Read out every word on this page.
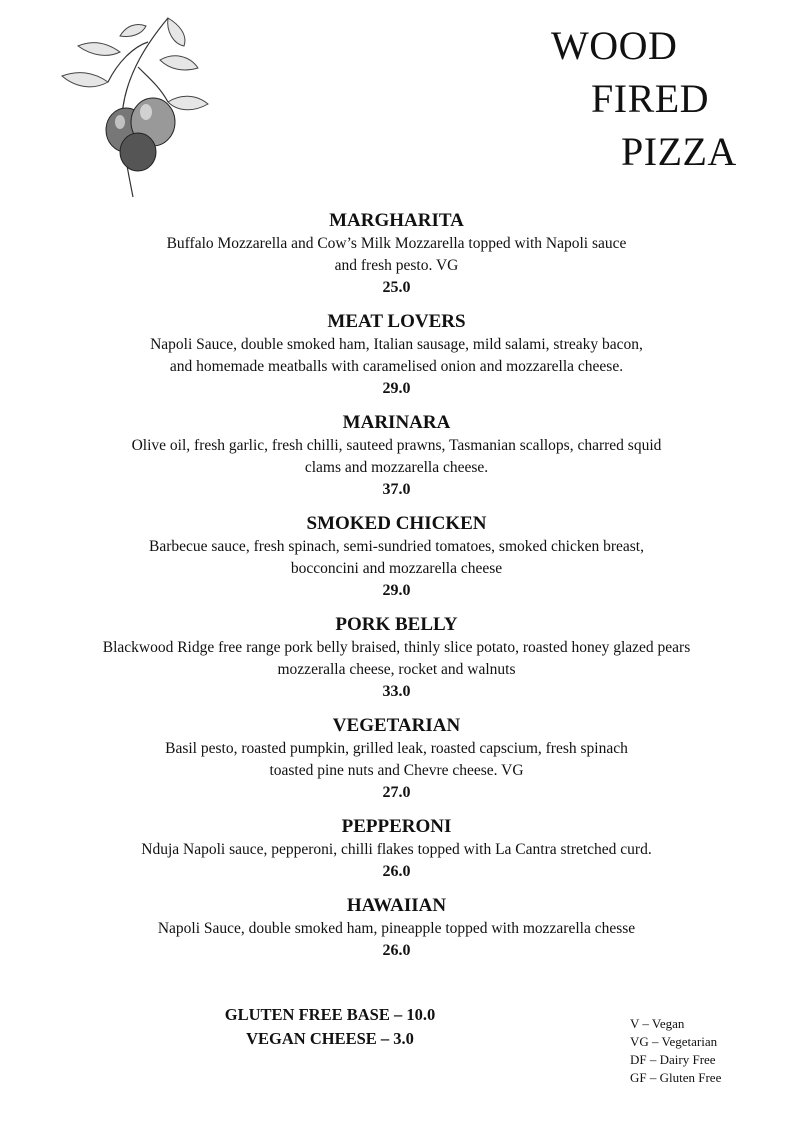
WOOD
FIRED
PIZZA
MARGHARITA
Buffalo Mozzarella and Cow’s Milk Mozzarella topped with Napoli sauce
and fresh pesto. VG
25.0
MEAT LOVERS
Napoli Sauce, double smoked ham, Italian sausage, mild salami, streaky bacon,
and homemade meatballs with caramelised onion and mozzarella cheese.
29.0
MARINARA
Olive oil, fresh garlic, fresh chilli, sauteed prawns, Tasmanian scallops, charred squid
clams and mozzarella cheese.
37.0
SMOKED CHICKEN
Barbecue sauce, fresh spinach, semi-sundried tomatoes, smoked chicken breast,
bocconcini and mozzarella cheese
29.0
PORK BELLY
Blackwood Ridge free range pork belly braised, thinly slice potato, roasted honey glazed pears
mozzeralla cheese, rocket and walnuts
33.0
VEGETARIAN
Basil pesto, roasted pumpkin, grilled leak, roasted capscium, fresh spinach
toasted pine nuts and Chevre cheese. VG
27.0
PEPPERONI
Nduja Napoli sauce, pepperoni, chilli flakes topped with La Cantra stretched curd.
26.0
HAWAIIAN
Napoli Sauce, double smoked ham, pineapple topped with mozzarella chesse
26.0
GLUTEN FREE BASE – 10.0
VEGAN CHEESE – 3.0
V – Vegan
VG – Vegetarian
DF – Dairy Free
GF – Gluten Free
